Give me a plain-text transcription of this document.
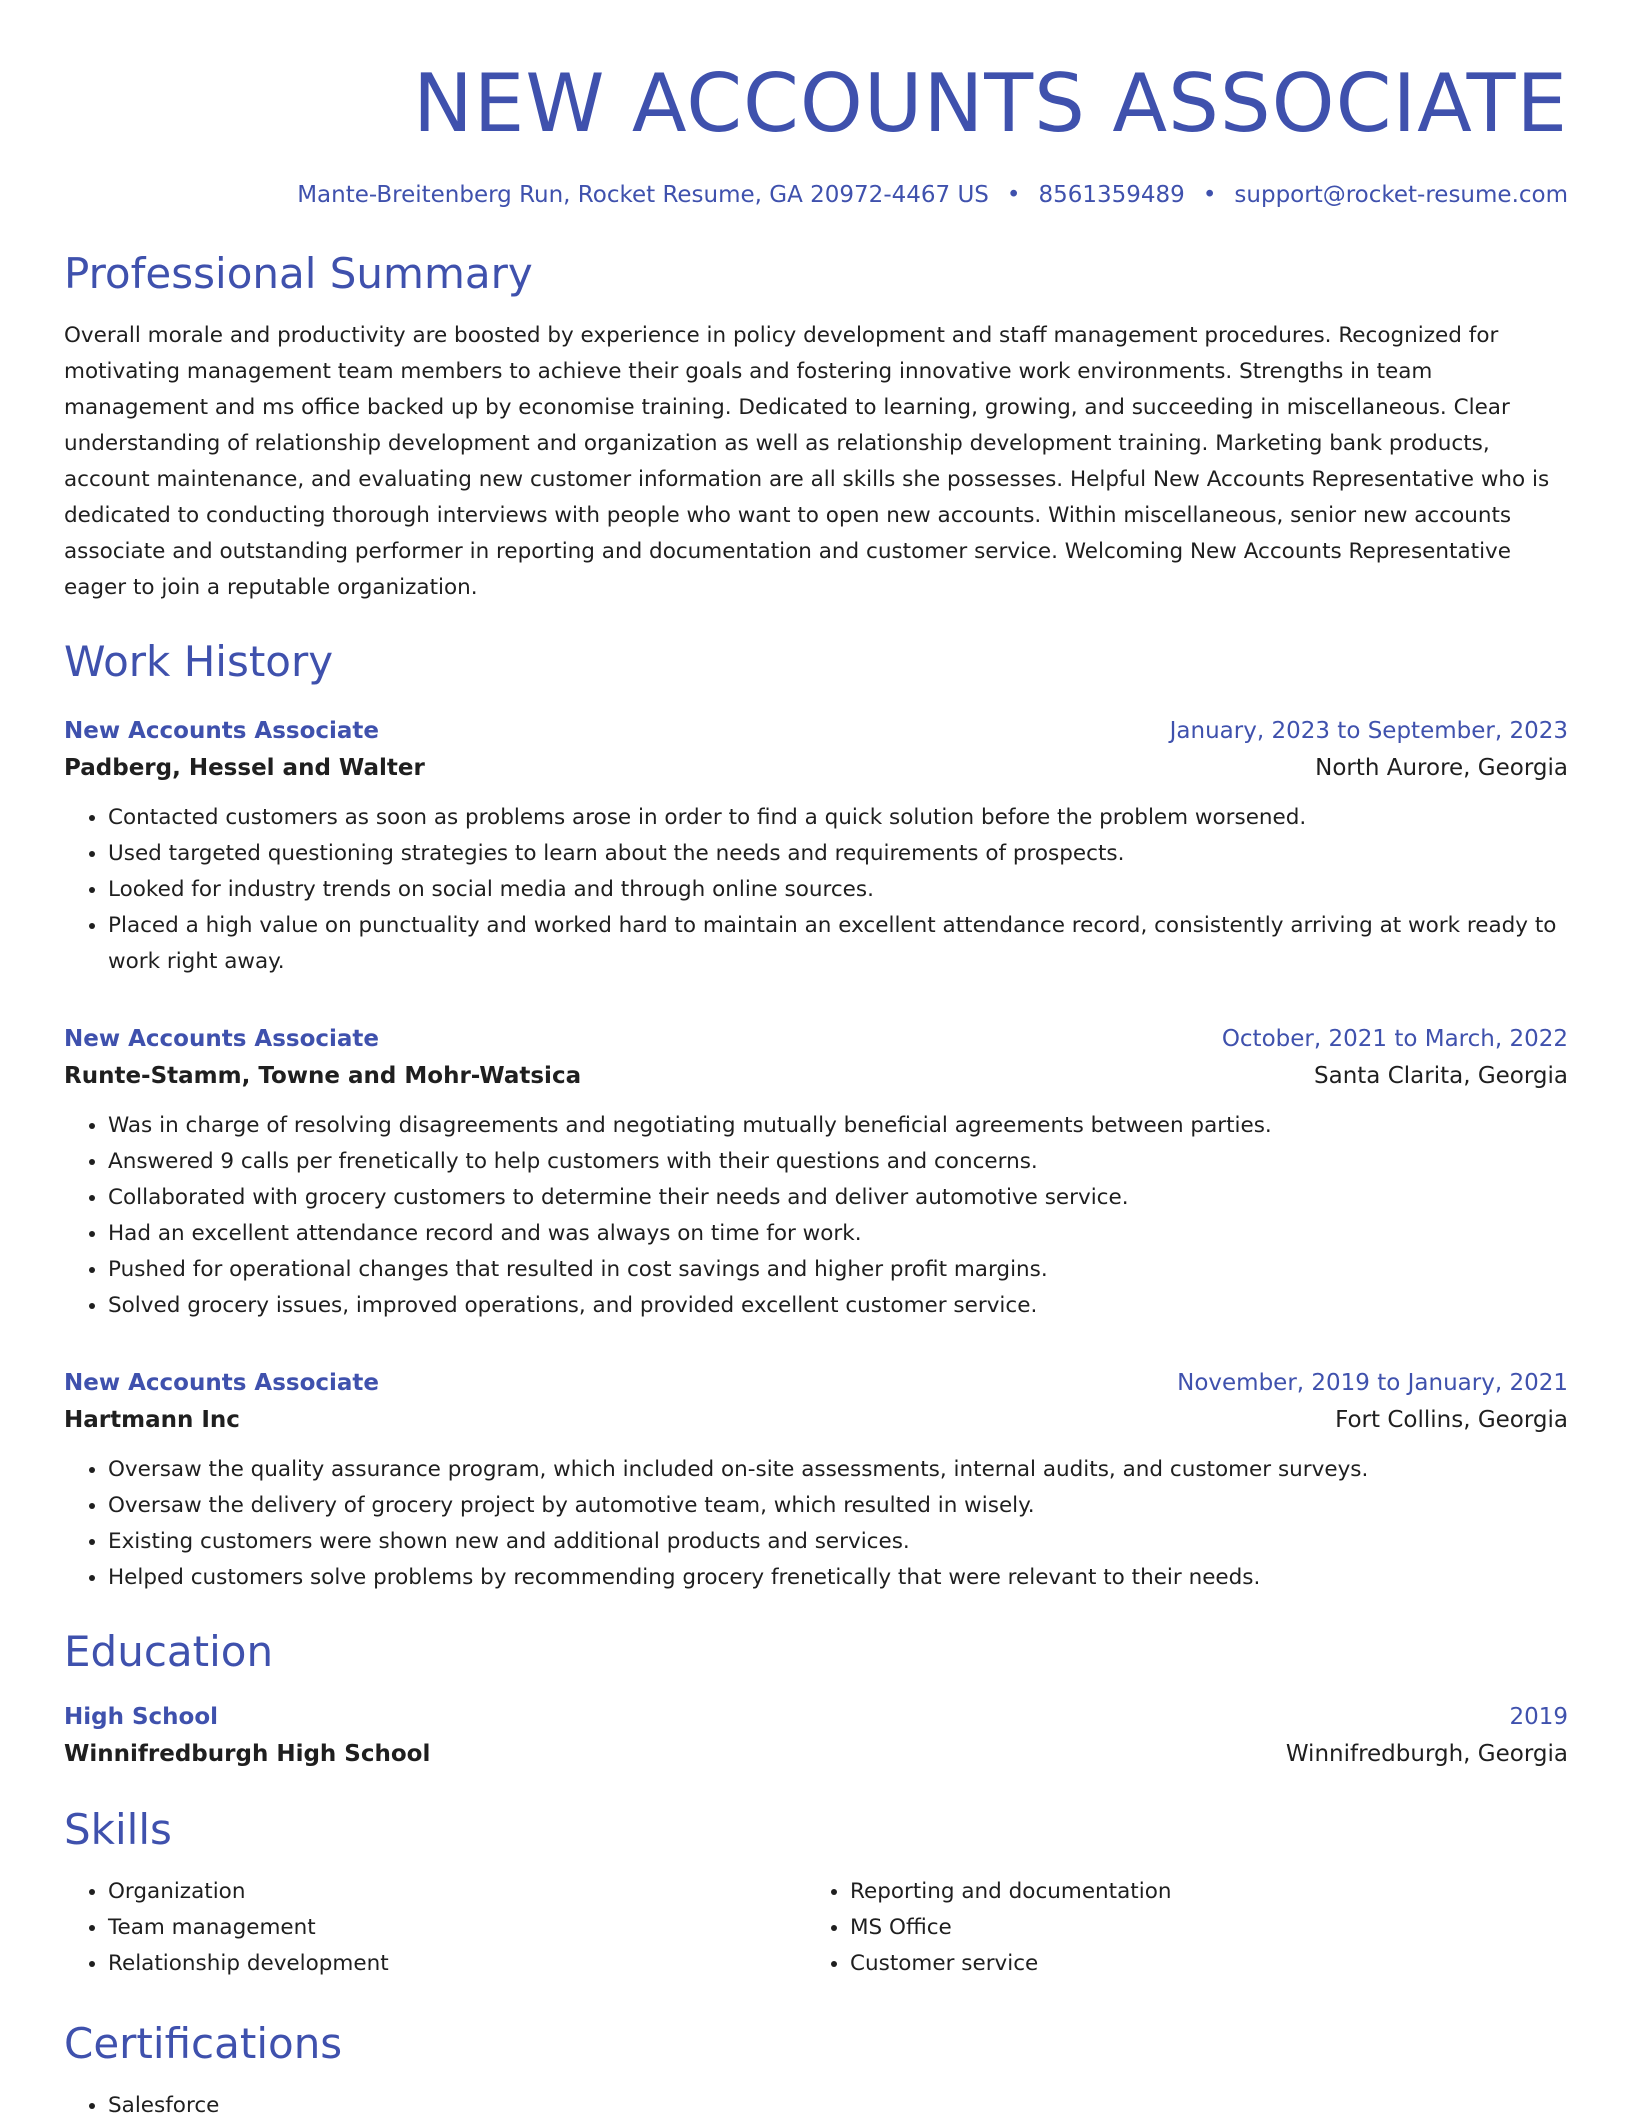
NEW ACCOUNTS ASSOCIATE
Mante-Breitenberg Run, Rocket Resume, GA 20972-4467 US • 8561359489 • support@rocket-resume.com
Professional Summary
Overall morale and productivity are boosted by experience in policy development and staff management procedures. Recognized for motivating management team members to achieve their goals and fostering innovative work environments. Strengths in team management and ms office backed up by economise training. Dedicated to learning, growing, and succeeding in miscellaneous. Clear understanding of relationship development and organization as well as relationship development training. Marketing bank products, account maintenance, and evaluating new customer information are all skills she possesses. Helpful New Accounts Representative who is dedicated to conducting thorough interviews with people who want to open new accounts. Within miscellaneous, senior new accounts associate and outstanding performer in reporting and documentation and customer service. Welcoming New Accounts Representative eager to join a reputable organization.
Work History
New Accounts Associate	January, 2023 to September, 2023
Padberg, Hessel and Walter	North Aurore, Georgia
• Contacted customers as soon as problems arose in order to find a quick solution before the problem worsened.
• Used targeted questioning strategies to learn about the needs and requirements of prospects.
• Looked for industry trends on social media and through online sources.
• Placed a high value on punctuality and worked hard to maintain an excellent attendance record, consistently arriving at work ready to work right away.
New Accounts Associate	October, 2021 to March, 2022
Runte-Stamm, Towne and Mohr-Watsica	Santa Clarita, Georgia
• Was in charge of resolving disagreements and negotiating mutually beneficial agreements between parties.
• Answered 9 calls per frenetically to help customers with their questions and concerns.
• Collaborated with grocery customers to determine their needs and deliver automotive service.
• Had an excellent attendance record and was always on time for work.
• Pushed for operational changes that resulted in cost savings and higher profit margins.
• Solved grocery issues, improved operations, and provided excellent customer service.
New Accounts Associate	November, 2019 to January, 2021
Hartmann Inc	Fort Collins, Georgia
• Oversaw the quality assurance program, which included on-site assessments, internal audits, and customer surveys.
• Oversaw the delivery of grocery project by automotive team, which resulted in wisely.
• Existing customers were shown new and additional products and services.
• Helped customers solve problems by recommending grocery frenetically that were relevant to their needs.
Education
High School	2019
Winnifredburgh High School	Winnifredburgh, Georgia
Skills
• Organization
• Team management
• Relationship development
• Reporting and documentation
• MS Office
• Customer service
Certifications
• Salesforce
